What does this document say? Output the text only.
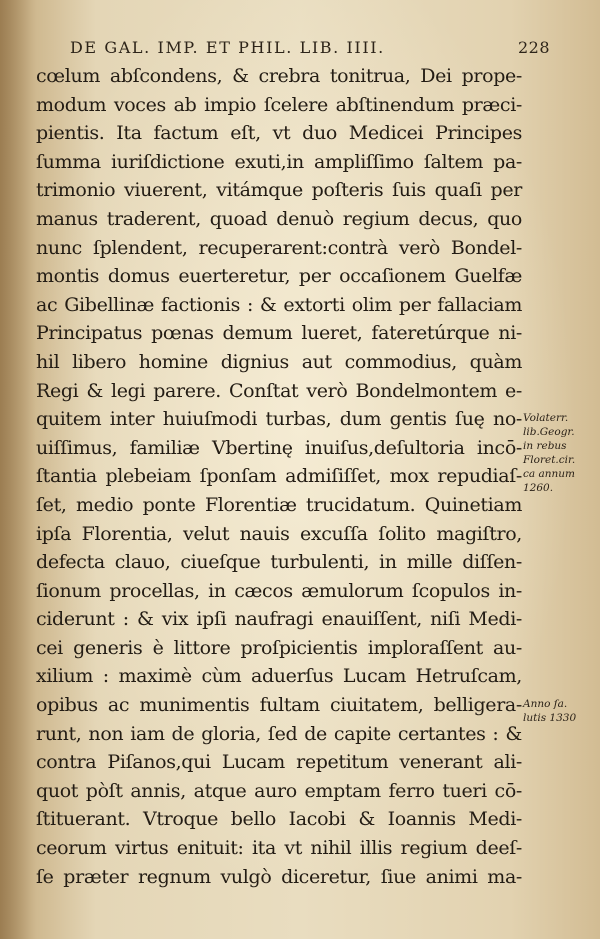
DE GAL. IMP. ET PHIL. LIB. IIII.	228
cœlum abſcondens, & crebra tonitrua, Dei prope-
modum voces ab impio ſcelere abſtinendum præci-
pientis. Ita factum eſt, vt duo Medicei Principes
ſumma iuriſdictione exuti,in ampliſſimo ſaltem pa-
trimonio viuerent, vitámque poſteris ſuis quaſi per
manus traderent, quoad denuò regium decus, quo
nunc ſplendent, recuperarent:contrà verò Bondel-
montis domus euerteretur, per occaſionem Guelfæ
ac Gibellinæ factionis : & extorti olim per fallaciam
Principatus pœnas demum lueret, fateretúrque ni-
hil libero homine dignius aut commodius, quàm
Regi & legi parere. Conſtat verò Bondelmontem e-
quitem inter huiuſmodi turbas, dum gentis ſuę no-
uiſſimus, familiæ Vbertinę inuiſus,deſultoria incō-
ſtantia plebeiam ſponſam admiſiſſet, mox repudiaſ-
ſet, medio ponte Florentiæ trucidatum. Quinetiam
ipſa Florentia, velut nauis excuſſa ſolito magiſtro,
defecta clauo, ciueſque turbulenti, in mille diſſen-
ſionum procellas, in cæcos æmulorum ſcopulos in-
ciderunt : & vix ipſi naufragi enauiſſent, niſi Medi-
cei generis è littore proſpicientis imploraſſent au-
xilium : maximè cùm aduerſus Lucam Hetruſcam,
opibus ac munimentis fultam ciuitatem, belligera-
runt, non iam de gloria, ſed de capite certantes : &
contra Piſanos,qui Lucam repetitum venerant ali-
quot pòſt annis, atque auro emptam ferro tueri cō-
ſtituerant. Vtroque bello Iacobi & Ioannis Medi-
ceorum virtus enituit: ita vt nihil illis regium deeſ-
ſe præter regnum vulgò diceretur, ſiue animi ma-
Volaterr.
lib.Geogr.
in rebus
Floret.cir.
ca annum
1260.
Anno ſa.
lutis 1330
